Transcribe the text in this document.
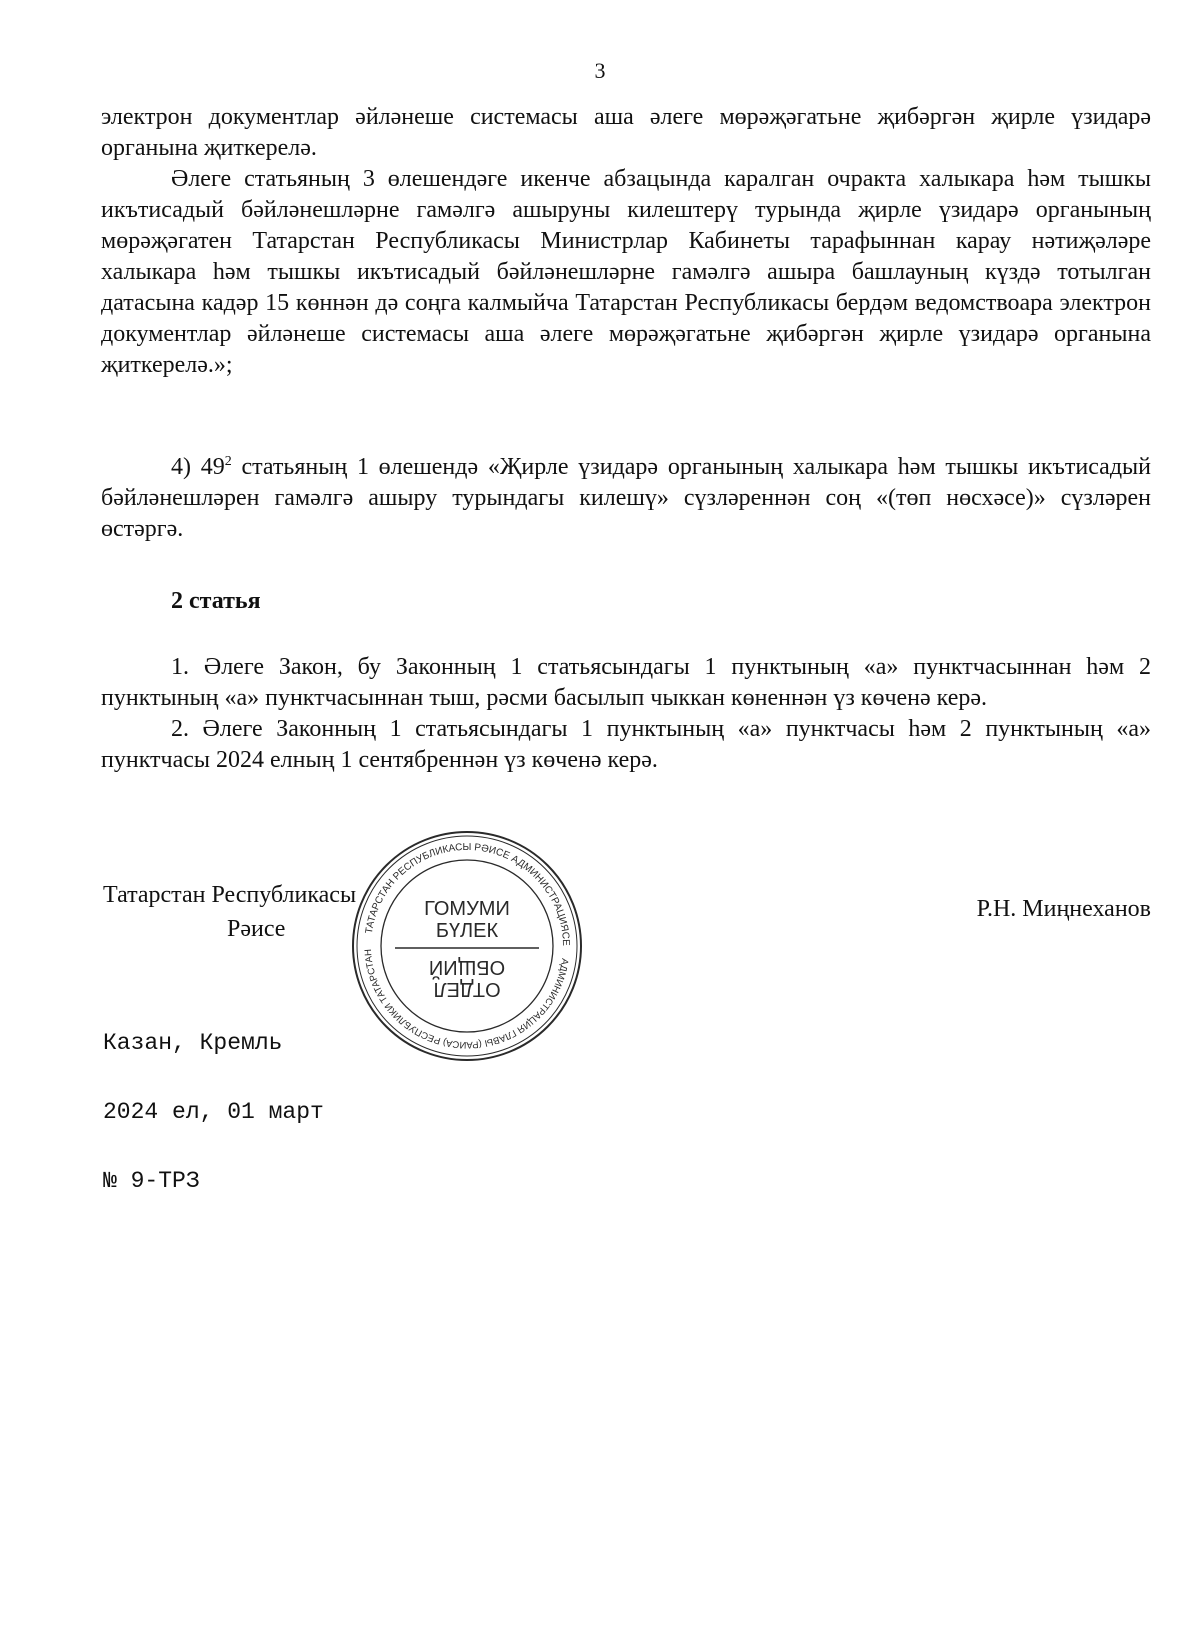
3

электрон документлар әйләнеше системасы аша әлеге мөрәҗәгатьне җибәргән җирле үзидарә органына җиткерелә.

Әлеге статьяның 3 өлешендәге икенче абзацында каралган очракта халыкара һәм тышкы икътисадый бәйләнешләрне гамәлгә ашыруны килештерү турында җирле үзидарә органының мөрәҗәгатен Татарстан Республикасы Министрлар Кабинеты тарафыннан карау нәтиҗәләре халыкара һәм тышкы икътисадый бәйләнешләрне гамәлгә ашыра башлауның күздә тотылган датасына кадәр 15 көннән дә соңга калмыйча Татарстан Республикасы бердәм ведомствоара электрон документлар әйләнеше системасы аша әлеге мөрәҗәгатьне җибәргән җирле үзидарә органына җиткерелә.»;

4) $49^2$ статьяның 1 өлешендә «Җирле үзидарә органының халыкара һәм тышкы икътисадый бәйләнешләрен гамәлгә ашыру турындагы килешү» сүзләреннән соң «(төп нөсхәсе)» сүзләрен өстәргә.

2 статья

1. Әлеге Закон, бу Законның 1 статьясындагы 1 пунктының «а» пунктчасыннан һәм 2 пунктының «а» пунктчасыннан тыш, рәсми басылып чыккан көненнән үз көченә керә.

2. Әлеге Законның 1 статьясындагы 1 пунктының «а» пунктчасы һәм 2 пунктының «а» пунктчасы 2024 елның 1 сентябреннән үз көченә керә.

Татарстан Республикасы
Рәисе
Р.Н. Миңнеханов

Казан, Кремль

2024 ел, 01 март

№ 9-ТРЗ

ТАТАРСТАН РЕСПУБЛИКАСЫ РӘИСЕ АДМИНИСТРАЦИЯСЕ
АДМИНИСТРАЦИЯ ГЛАВЫ (РАИСА) РЕСПУБЛИКИ ТАТАРСТАН
ГОМУМИ
БҮЛЕК
ОТДЕЛ
ОБЩИЙ
